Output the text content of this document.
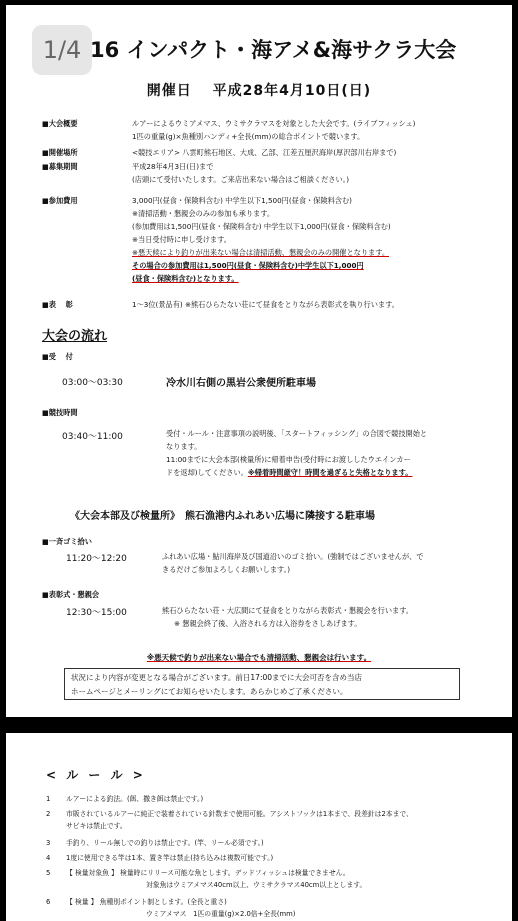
1/4 16 インパクト・海アメ&海サクラ大会
開催日　 平成28年4月10日(日)
■大会概要	ルアーによるウミアメマス、ウミサクラマスを対象とした大会です。(ライブフィッシュ)
1匹の重量(g)×魚種別ハンディ+全長(mm)の総合ポイントで競います。
■開催場所	<競技エリア> 八雲町熊石地区、大成、乙部、江差五厘沢海岸(厚沢部川右岸まで)
■募集期間	平成28年4月3日(日)まで
(店頭にて受付いたします。ご来店出来ない場合はご相談ください。)
■参加費用	3,000円(昼食・保険料含む) 中学生以下1,500円(昼食・保険料含む)
※清掃活動・懇親会のみの参加も承ります。
(参加費用は1,500円(昼食・保険料含む) 中学生以下1,000円(昼食・保険料含む)
※当日受付時に申し受けます。
※悪天候により釣りが出来ない場合は清掃活動、懇親会のみの開催となります。
その場合の参加費用は1,500円(昼食・保険料含む)中学生以下1,000円
(昼食・保険料含む)となります。
■表　 彰	1〜3位(景品有) ※熊石ひらたない荘にて昼食をとりながら表彰式を執り行います。
大会の流れ
■受　 付
03:00〜03:30	冷水川右側の黒岩公衆便所駐車場
■競技時間
03:40〜11:00	受付・ルール・注意事項の説明後、「スタートフィッシング」の合図で競技開始と
なります。
11:00までに大会本部(検量所)に帰着申告(受付時にお渡ししたウエインカー
ドを返却)してください。※帰着時間厳守！時間を過ぎると失格となります。
《大会本部及び検量所》　熊石漁港内ふれあい広場に隣接する駐車場
■一斉ゴミ拾い
11:20〜12:20	ふれあい広場・鮎川海岸及び国道沿いのゴミ拾い。(強制ではございませんが、で
きるだけご参加よろしくお願いします。)
■表彰式・懇親会
12:30〜15:00	熊石ひらたない荘・大広間にて昼食をとりながら表彰式・懇親会を行います。
※ 懇親会終了後、入浴される方は入浴券をさしあげます。
※悪天候で釣りが出来ない場合でも清掃活動、懇親会は行います。
状況により内容が変更となる場合がございます。前日17:00までに大会可否を含め当店
ホームページとメーリングにてお知らせいたします。あらかじめご了承ください。
< ル ー ル >
1 ルアーによる釣法。(餌、撒き餌は禁止です。)
2 市販されているルアーに純正で装着されている針数まで使用可能。アシストフックは1本まで、段差針は2本まで、
サビキは禁止です。
3 手釣り、リール無しでの釣りは禁止です。(竿、リール必須です。)
4 1度に使用できる竿は1本、置き竿は禁止(持ち込みは複数可能です。)
5 【 検量対象魚 】 検量時にリリース可能な魚とします。デッドフィッシュは検量できません。
対象魚はウミアメマス40cm以上、ウミサクラマス40cm以上とします。
6 【 検量 】 魚種別ポイント制とします。(全長と重さ)
ウミアメマス　1匹の重量(g)×2.0倍+全長(mm)
